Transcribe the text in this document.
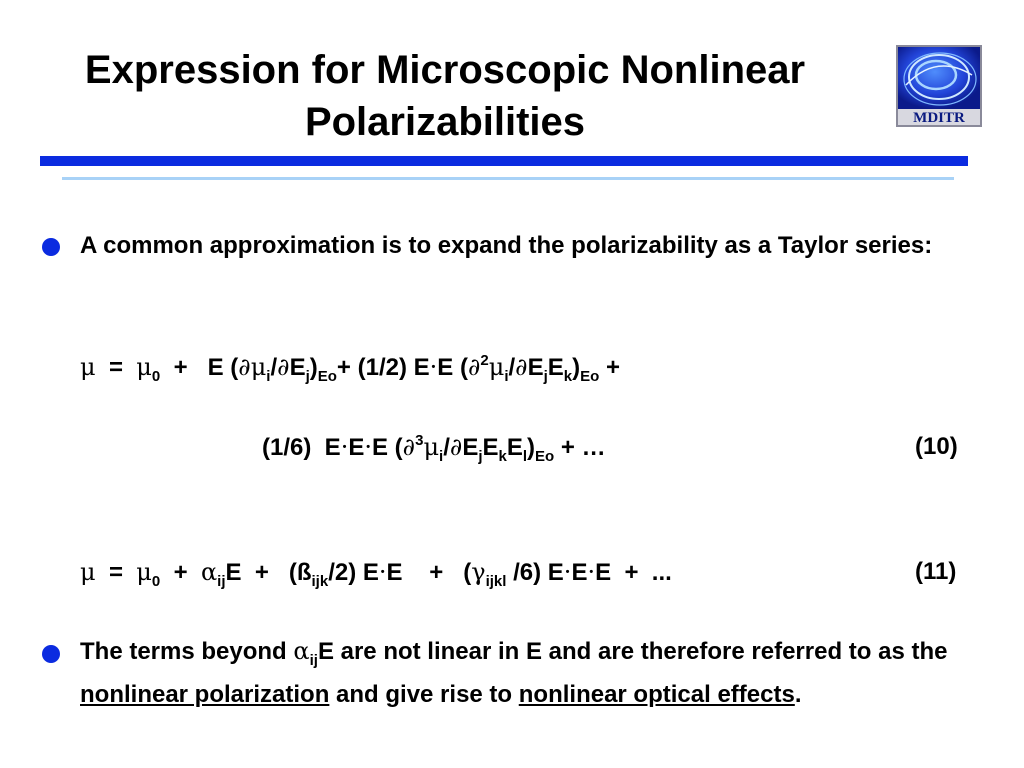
Expression for Microscopic Nonlinear
Polarizabilities	MDITR
A common approximation is to expand the polarizability as a Taylor series:
$\mu = \mu_0 + E$ $(\partial\mu_i/\partial E_j)_{Eo}+ (1/2)$ E·E $(\partial^2\mu_i/\partial E_jE_k)_{Eo}$ +
(1/6)  E·E·E $(\partial^3\mu_i/\partial E_jE_kE_l)_{Eo}$ + …	(10)
$\mu = \mu_0 + \alpha_{ij}E$  +   $(ß_{ijk}/2)$ E·E    +   ($\gamma_{ijkl}$ /6) E·E·E  +  ...	(11)
The terms beyond $\alpha_{ij}E$ are not linear in E and are therefore referred to as the nonlinear polarization and give rise to nonlinear optical effects.
